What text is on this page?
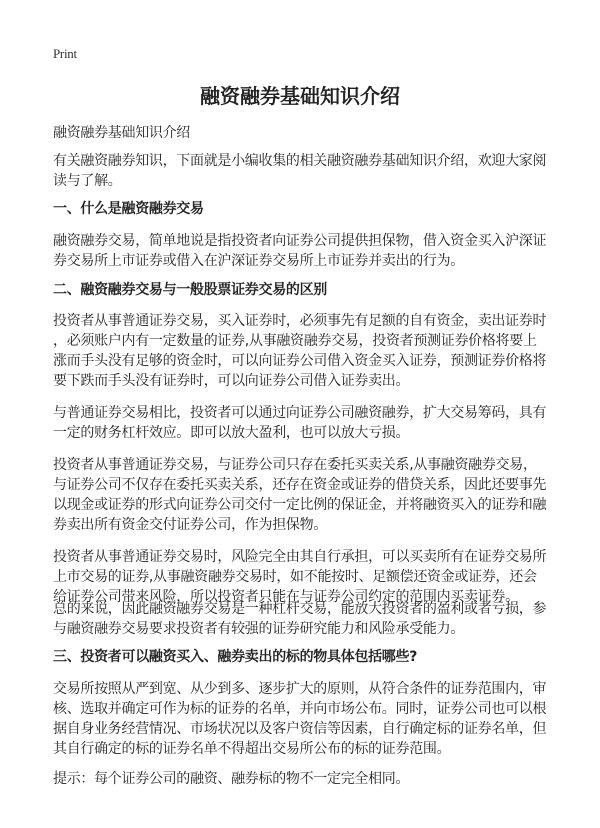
Print
融资融券基础知识介绍
融资融券基础知识介绍
有关融资融券知识，下面就是小编收集的相关融资融券基础知识介绍，欢迎大家阅
读与了解。
一、什么是融资融券交易
融资融券交易，简单地说是指投资者向证券公司提供担保物，借入资金买入沪深证
券交易所上市证券或借入在沪深证券交易所上市证券并卖出的行为。
二、融资融券交易与一般股票证券交易的区别
投资者从事普通证券交易，买入证券时，必须事先有足额的自有资金，卖出证券时
，必须账户内有一定数量的证券,从事融资融券交易，投资者预测证券价格将要上
涨而手头没有足够的资金时，可以向证券公司借入资金买入证券，预测证券价格将
要下跌而手头没有证券时，可以向证券公司借入证券卖出。
与普通证券交易相比，投资者可以通过向证券公司融资融券，扩大交易筹码，具有
一定的财务杠杆效应。即可以放大盈利，也可以放大亏损。
投资者从事普通证券交易，与证券公司只存在委托买卖关系,从事融资融券交易，
与证券公司不仅存在委托买卖关系，还存在资金或证券的借贷关系，因此还要事先
以现金或证券的形式向证券公司交付一定比例的保证金，并将融资买入的证券和融
券卖出所有资金交付证券公司，作为担保物。
投资者从事普通证券交易时，风险完全由其自行承担，可以买卖所有在证券交易所
上市交易的证券,从事融资融券交易时，如不能按时、足额偿还资金或证券，还会
给证券公司带来风险，所以投资者只能在与证券公司约定的范围内买卖证券。
总的来说，因此融资融券交易是一种杠杆交易，能放大投资者的盈利或者亏损，参
与融资融券交易要求投资者有较强的证券研究能力和风险承受能力。
三、投资者可以融资买入、融券卖出的标的物具体包括哪些?
交易所按照从严到宽、从少到多、逐步扩大的原则，从符合条件的证券范围内，审
核、选取并确定可作为标的证券的名单，并向市场公布。同时，证券公司也可以根
据自身业务经营情况、市场状况以及客户资信等因素，自行确定标的证券名单，但
其自行确定的标的证券名单不得超出交易所公布的标的证券范围。
提示：每个证券公司的融资、融券标的物不一定完全相同。
